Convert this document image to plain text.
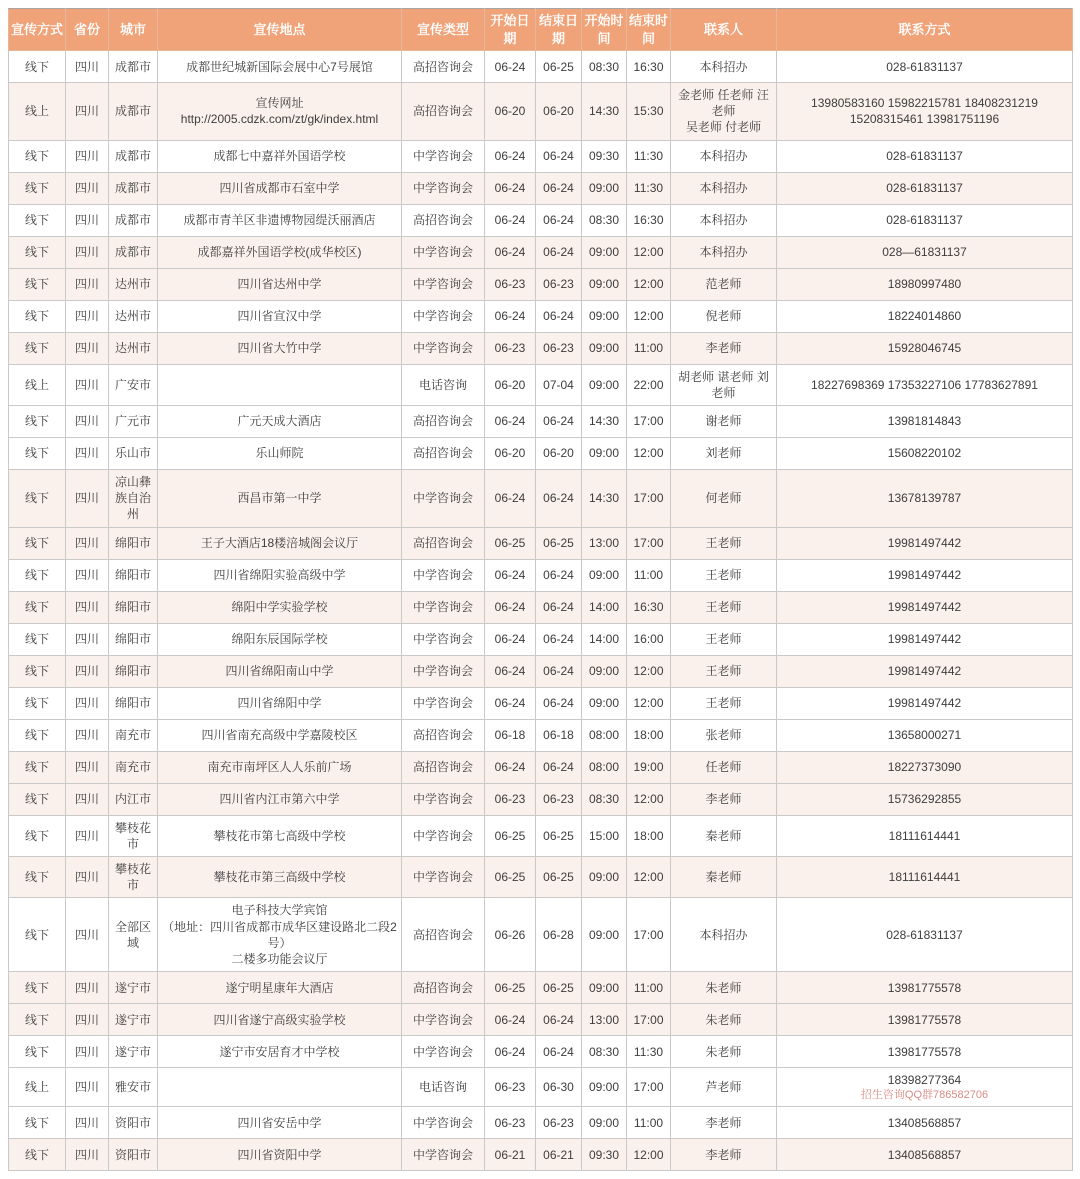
宣传方式	省份	城市	宣传地点	宣传类型	开始日期	结束日期	开始时间	结束时间	联系人	联系方式
线下	四川	成都市	成都世纪城新国际会展中心7号展馆	高招咨询会	06-24	06-25	08:30	16:30	本科招办	028-61831137
线上	四川	成都市	宣传网址
http://2005.cdzk.com/zt/gk/index.html	高招咨询会	06-20	06-20	14:30	15:30	金老师 任老师 汪老师
吴老师 付老师	13980583160 15982215781 18408231219
15208315461 13981751196
线下	四川	成都市	成都七中嘉祥外国语学校	中学咨询会	06-24	06-24	09:30	11:30	本科招办	028-61831137
线下	四川	成都市	四川省成都市石室中学	中学咨询会	06-24	06-24	09:00	11:30	本科招办	028-61831137
线下	四川	成都市	成都市青羊区非遗博物园缇沃丽酒店	高招咨询会	06-24	06-24	08:30	16:30	本科招办	028-61831137
线下	四川	成都市	成都嘉祥外国语学校(成华校区)	中学咨询会	06-24	06-24	09:00	12:00	本科招办	028—61831137
线下	四川	达州市	四川省达州中学	中学咨询会	06-23	06-23	09:00	12:00	范老师	18980997480
线下	四川	达州市	四川省宣汉中学	中学咨询会	06-24	06-24	09:00	12:00	倪老师	18224014860
线下	四川	达州市	四川省大竹中学	中学咨询会	06-23	06-23	09:00	11:00	李老师	15928046745
线上	四川	广安市		电话咨询	06-20	07-04	09:00	22:00	胡老师 谌老师 刘老师	18227698369 17353227106 17783627891
线下	四川	广元市	广元天成大酒店	高招咨询会	06-24	06-24	14:30	17:00	谢老师	13981814843
线下	四川	乐山市	乐山师院	高招咨询会	06-20	06-20	09:00	12:00	刘老师	15608220102
线下	四川	凉山彝族自治州	西昌市第一中学	中学咨询会	06-24	06-24	14:30	17:00	何老师	13678139787
线下	四川	绵阳市	王子大酒店18楼涪城阁会议厅	高招咨询会	06-25	06-25	13:00	17:00	王老师	19981497442
线下	四川	绵阳市	四川省绵阳实验高级中学	中学咨询会	06-24	06-24	09:00	11:00	王老师	19981497442
线下	四川	绵阳市	绵阳中学实验学校	中学咨询会	06-24	06-24	14:00	16:30	王老师	19981497442
线下	四川	绵阳市	绵阳东辰国际学校	中学咨询会	06-24	06-24	14:00	16:00	王老师	19981497442
线下	四川	绵阳市	四川省绵阳南山中学	中学咨询会	06-24	06-24	09:00	12:00	王老师	19981497442
线下	四川	绵阳市	四川省绵阳中学	中学咨询会	06-24	06-24	09:00	12:00	王老师	19981497442
线下	四川	南充市	四川省南充高级中学嘉陵校区	高招咨询会	06-18	06-18	08:00	18:00	张老师	13658000271
线下	四川	南充市	南充市南坪区人人乐前广场	高招咨询会	06-24	06-24	08:00	19:00	任老师	18227373090
线下	四川	内江市	四川省内江市第六中学	中学咨询会	06-23	06-23	08:30	12:00	李老师	15736292855
线下	四川	攀枝花市	攀枝花市第七高级中学校	中学咨询会	06-25	06-25	15:00	18:00	秦老师	18111614441
线下	四川	攀枝花市	攀枝花市第三高级中学校	中学咨询会	06-25	06-25	09:00	12:00	秦老师	18111614441
线下	四川	全部区域	电子科技大学宾馆
（地址：四川省成都市成华区建设路北二段2号）
二楼多功能会议厅	高招咨询会	06-26	06-28	09:00	17:00	本科招办	028-61831137
线下	四川	遂宁市	遂宁明星康年大酒店	高招咨询会	06-25	06-25	09:00	11:00	朱老师	13981775578
线下	四川	遂宁市	四川省遂宁高级实验学校	中学咨询会	06-24	06-24	13:00	17:00	朱老师	13981775578
线下	四川	遂宁市	遂宁市安居育才中学校	中学咨询会	06-24	06-24	08:30	11:30	朱老师	13981775578
线上	四川	雅安市		电话咨询	06-23	06-30	09:00	17:00	芦老师	18398277364
招生咨询QQ群786582706

线下	四川	资阳市	四川省安岳中学	中学咨询会	06-23	06-23	09:00	11:00	李老师	13408568857
线下	四川	资阳市	四川省资阳中学	中学咨询会	06-21	06-21	09:30	12:00	李老师	13408568857
